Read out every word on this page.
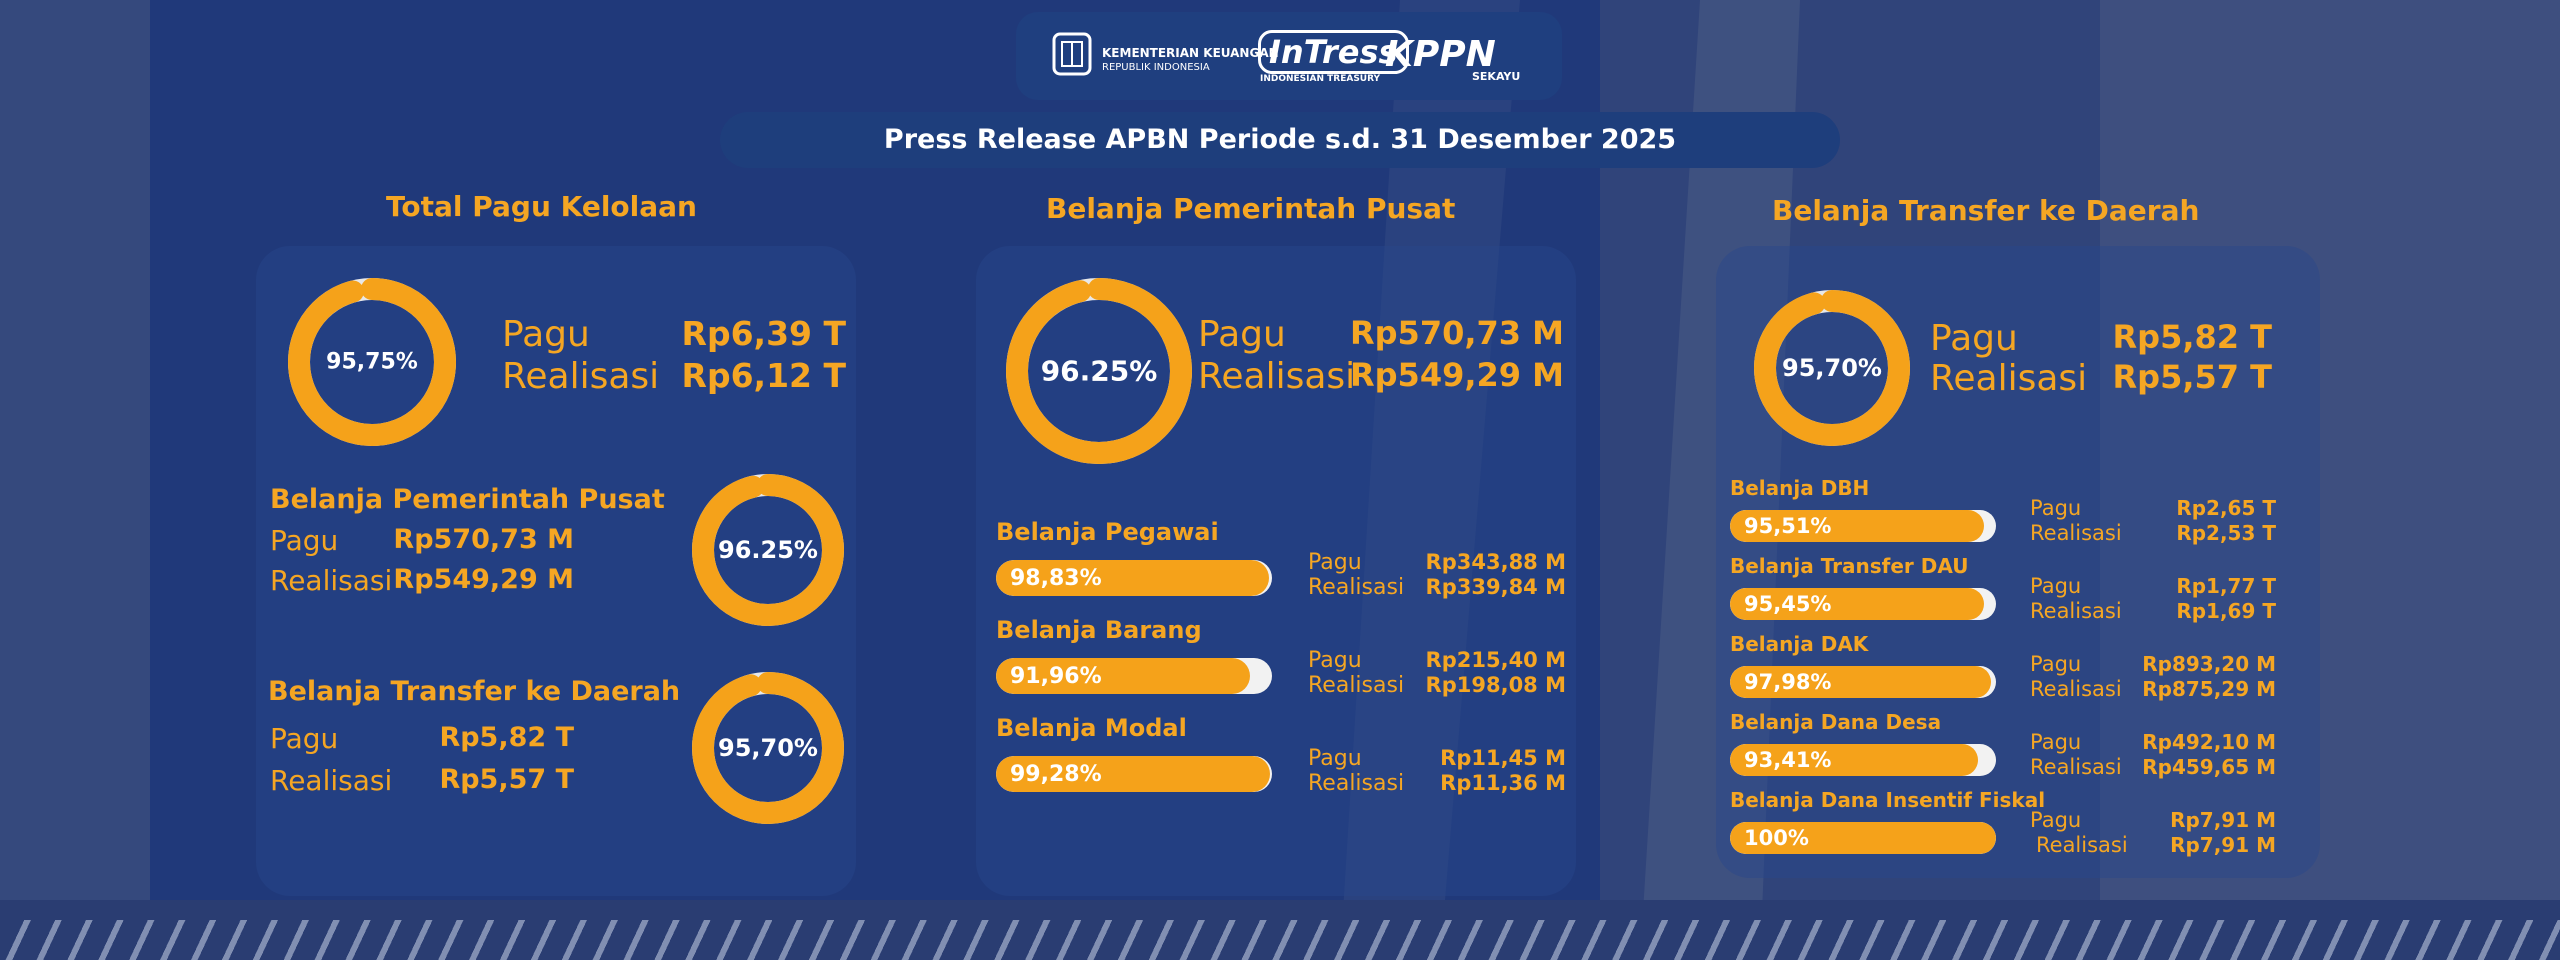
KEMENTERIAN KEUANGAN
REPUBLIK INDONESIA	InTress
INDONESIAN TREASURY
KPPN
SEKAYU
Press Release APBN Periode s.d. 31 Desember 2025
Total Pagu Kelolaan
95,75%
Pagu
Realisasi
Rp6,39 T
Rp6,12 T
Belanja Pemerintah Pusat
Pagu
Realisasi
Rp570,73 M
Rp549,29 M
96.25%
Belanja Transfer ke Daerah
Pagu
Realisasi
Rp5,82 T
Rp5,57 T
95,70%
Belanja Pemerintah Pusat
96.25%
Pagu
Realisasi
Rp570,73 M
Rp549,29 M
Belanja Pegawai
98,83%
Pagu
Realisasi
Rp343,88 M
Rp339,84 M
Belanja Barang
91,96%
Pagu
Realisasi
Rp215,40 M
Rp198,08 M
Belanja Modal
99,28%
Pagu
Realisasi
Rp11,45 M
Rp11,36 M
Belanja Transfer ke Daerah
95,70%
Pagu
Realisasi
Rp5,82 T
Rp5,57 T
Belanja DBH
95,51%
Pagu
Realisasi
Rp2,65 T
Rp2,53 T
Belanja Transfer DAU
95,45%
Pagu
Realisasi
Rp1,77 T
Rp1,69 T
Belanja DAK
97,98%
Pagu
Realisasi
Rp893,20 M
Rp875,29 M
Belanja Dana Desa
93,41%
Pagu
Realisasi
Rp492,10 M
Rp459,65 M
Belanja Dana Insentif Fiskal
100%
Pagu
Realisasi
Rp7,91 M
Rp7,91 M
